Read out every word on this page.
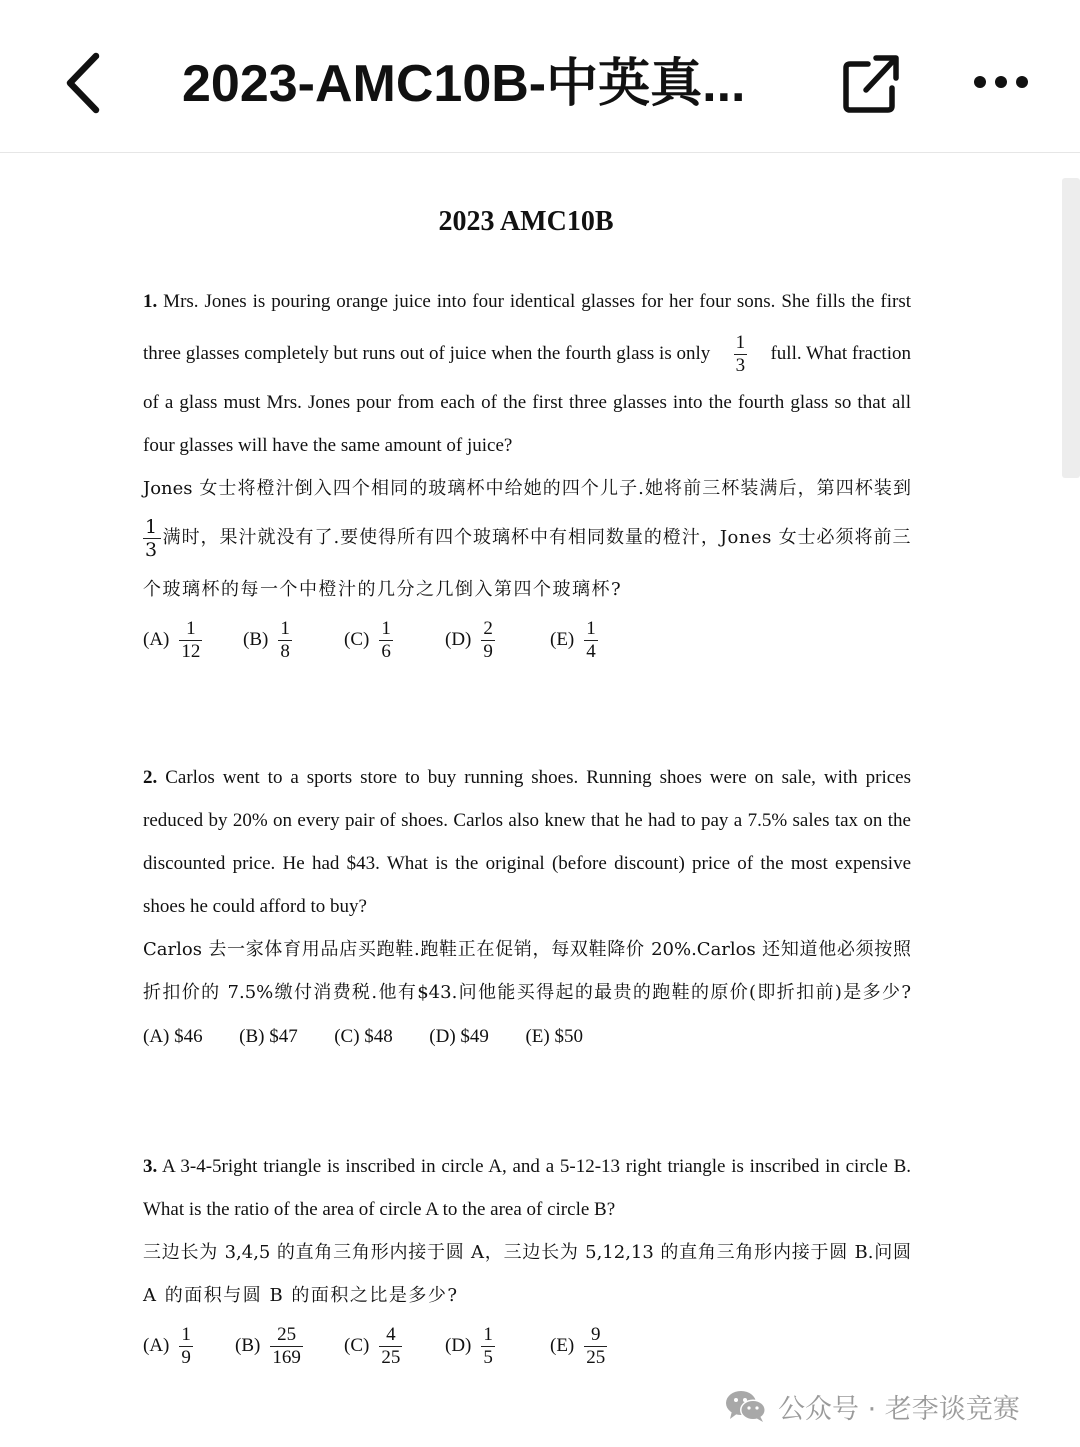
2023-AMC10B-中英真...
2023 AMC10B
1. Mrs. Jones is pouring orange juice into four identical glasses for her four sons. She fills the first
three glasses completely but runs out of juice when the fourth glass is only $\frac{1}{3}$ full. What fraction
of a glass must Mrs. Jones pour from each of the first three glasses into the fourth glass so that all
four glasses will have the same amount of juice?
Jones 女士将橙汁倒入四个相同的玻璃杯中给她的四个儿子.她将前三杯装满后，第四杯装到
$\frac{1}{3}$ 满时，果汁就没有了.要使得所有四个玻璃杯中有相同数量的橙汁，Jones 女士必须将前三
个玻璃杯的每一个中橙汁的几分之几倒入第四个玻璃杯?
$(A) \frac{1}{12} (B) \frac{1}{8}$	$(C) \frac{1}{6}$	$(D) \frac{2}{9}$	$(E) \frac{1}{4}$
2. Carlos went to a sports store to buy running shoes. Running shoes were on sale, with prices
reduced by 20% on every pair of shoes. Carlos also knew that he had to pay a 7.5% sales tax on the
discounted price. He had $43. What is the original (before discount) price of the most expensive
shoes he could afford to buy?
Carlos 去一家体育用品店买跑鞋.跑鞋正在促销，每双鞋降价 20%.Carlos 还知道他必须按照
折扣价的 7.5%缴付消费税.他有$43.问他能买得起的最贵的跑鞋的原价(即折扣前)是多少?
(A) $46 (B) $47 (C) $48 (D) $49 (E) $50
3. A 3-4-5right triangle is inscribed in circle A, and a 5-12-13 right triangle is inscribed in circle B.
What is the ratio of the area of circle A to the area of circle B?
三边长为 3,4,5 的直角三角形内接于圆 A，三边长为 5,12,13 的直角三角形内接于圆 B.问圆
A 的面积与圆 B 的面积之比是多少?
$(A) \frac{1}{9} (B) \frac{25}{169} (C) \frac{4}{25} (D) \frac{1}{5}$	$(E) \frac{9}{25}$
公众号 · 老李谈竞赛
